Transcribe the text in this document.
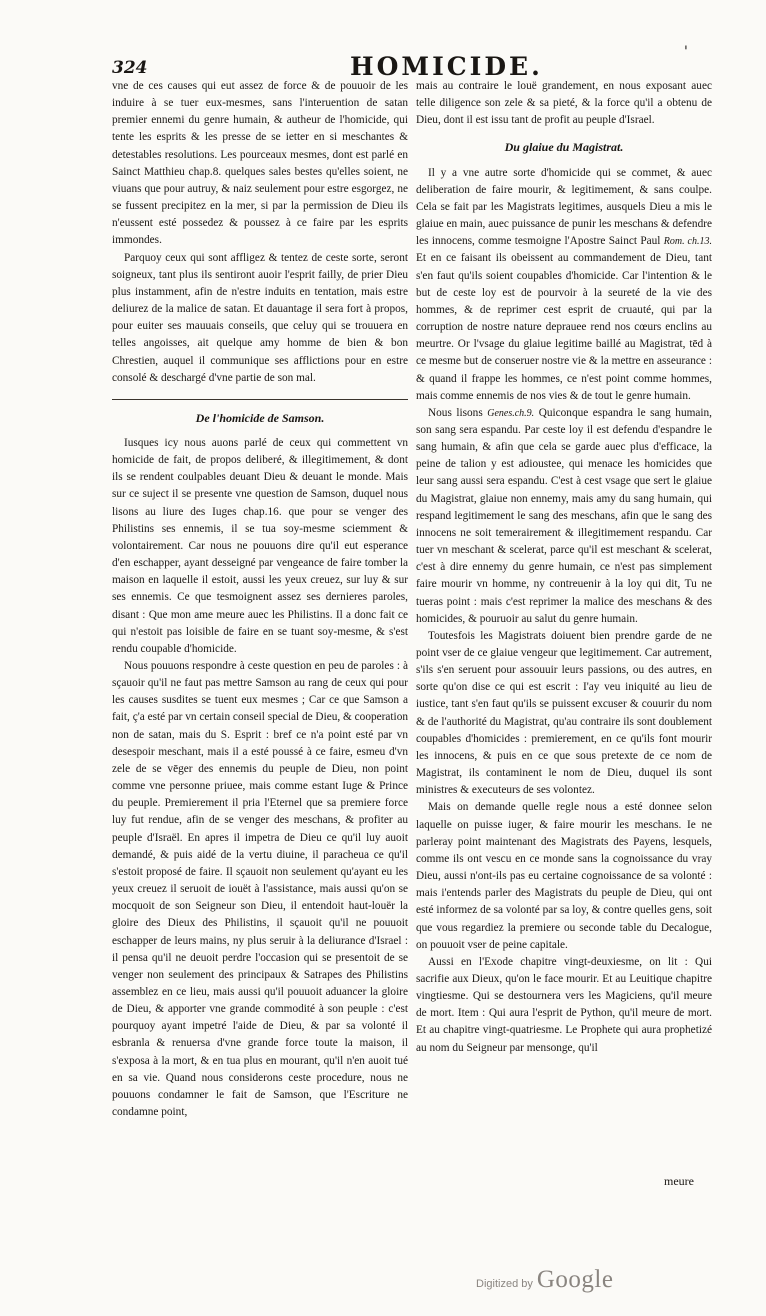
324	HOMICIDE.	'

vne de ces causes qui eut assez de force & de pouuoir de les induire à se tuer eux-mesmes, sans l'interuention de satan premier ennemi du genre humain, & autheur de l'homicide, qui tente les esprits & les presse de se ietter en si meschantes & detestables resolutions. Les pourceaux mesmes, dont est parlé en Sainct Matthieu chap.8. quelques sales bestes qu'elles soient, ne viuans que pour autruy, & naiz seulement pour estre esgorgez, ne se fussent precipitez en la mer, si par la permission de Dieu ils n'eussent esté possedez & poussez à ce faire par les esprits immondes.

Parquoy ceux qui sont affligez & tentez de ceste sorte, seront soigneux, tant plus ils sentiront auoir l'esprit failly, de prier Dieu plus instamment, afin de n'estre induits en tentation, mais estre deliurez de la malice de satan. Et dauantage il sera fort à propos, pour euiter ses mauuais conseils, que celuy qui se trouuera en telles angoisses, ait quelque amy homme de bien & bon Chrestien, auquel il communique ses afflictions pour en estre consolé & deschargé d'vne partie de son mal.

De l'homicide de Samson.

Iusques icy nous auons parlé de ceux qui commettent vn homicide de fait, de propos deliberé, & illegitimement, & dont ils se rendent coulpables deuant Dieu & deuant le monde. Mais sur ce suject il se presente vne question de Samson, duquel nous lisons au liure des Iuges chap.16. que pour se venger des Philistins ses ennemis, il se tua soy-mesme sciemment & volontairement. Car nous ne pouuons dire qu'il eut esperance d'en eschapper, ayant desseigné par vengeance de faire tomber la maison en laquelle il estoit, aussi les yeux creuez, sur luy & sur ses ennemis. Ce que tesmoignent assez ses dernieres paroles, disant : Que mon ame meure auec les Philistins. Il a donc fait ce qui n'estoit pas loisible de faire en se tuant soy-mesme, & s'est rendu coupable d'homicide.

Nous pouuons respondre à ceste question en peu de paroles : à sçauoir qu'il ne faut pas mettre Samson au rang de ceux qui pour les causes susdites se tuent eux mesmes ; Car ce que Samson a fait, ç'a esté par vn certain conseil special de Dieu, & cooperation non de satan, mais du S. Esprit : bref ce n'a point esté par vn desespoir meschant, mais il a esté poussé à ce faire, esmeu d'vn zele de se vēger des ennemis du peuple de Dieu, non point comme vne personne priuee, mais comme estant Iuge & Prince du peuple. Premierement il pria l'Eternel que sa premiere force luy fut rendue, afin de se venger des meschans, & profiter au peuple d'Israël. En apres il impetra de Dieu ce qu'il luy auoit demandé, & puis aidé de la vertu diuine, il paracheua ce qu'il s'estoit proposé de faire. Il sçauoit non seulement qu'ayant eu les yeux creuez il seruoit de iouët à l'assistance, mais aussi qu'on se mocquoit de son Seigneur son Dieu, il entendoit haut-louër la gloire des Dieux des Philistins, il sçauoit qu'il ne pouuoit eschapper de leurs mains, ny plus seruir à la deliurance d'Israel : il pensa qu'il ne deuoit perdre l'occasion qui se presentoit de se venger non seulement des principaux & Satrapes des Philistins assemblez en ce lieu, mais aussi qu'il pouuoit aduancer la gloire de Dieu, & apporter vne grande commodité à son peuple : c'est pourquoy ayant impetré l'aide de Dieu, & par sa volonté il esbranla & renuersa d'vne grande force toute la maison, il s'exposa à la mort, & en tua plus en mourant, qu'il n'en auoit tué en sa vie. Quand nous considerons ceste procedure, nous ne pouuons condamner le fait de Samson, que l'Escriture ne condamne point,

mais au contraire le louë grandement, en nous exposant auec telle diligence son zele & sa pieté, & la force qu'il a obtenu de Dieu, dont il est issu tant de profit au peuple d'Israel.

Du glaiue du Magistrat.

Il y a vne autre sorte d'homicide qui se commet, & auec deliberation de faire mourir, & legitimement, & sans coulpe. Cela se fait par les Magistrats legitimes, ausquels Dieu a mis le glaiue en main, auec puissance de punir les meschans & defendre les innocens, comme tesmoigne l'Apostre Sainct Paul Rom. ch.13. Et en ce faisant ils obeissent au commandement de Dieu, tant s'en faut qu'ils soient coupables d'homicide. Car l'intention & le but de ceste loy est de pourvoir à la seureté de la vie des hommes, & de reprimer cest esprit de cruauté, qui par la corruption de nostre nature deprauee rend nos cœurs enclins au meurtre. Or l'vsage du glaiue legitime baillé au Magistrat, tēd à ce mesme but de conseruer nostre vie & la mettre en asseurance : & quand il frappe les hommes, ce n'est point comme hommes, mais comme ennemis de nos vies & de tout le genre humain.

Nous lisons Genes.ch.9. Quiconque espandra le sang humain, son sang sera espandu. Par ceste loy il est defendu d'espandre le sang humain, & afin que cela se garde auec plus d'efficace, la peine de talion y est adioustee, qui menace les homicides que leur sang aussi sera espandu. C'est à cest vsage que sert le glaiue du Magistrat, glaiue non ennemy, mais amy du sang humain, qui respand legitimement le sang des meschans, afin que le sang des innocens ne soit temerairement & illegitimement respandu. Car tuer vn meschant & scelerat, parce qu'il est meschant & scelerat, c'est à dire ennemy du genre humain, ce n'est pas simplement faire mourir vn homme, ny contreuenir à la loy qui dit, Tu ne tueras point : mais c'est reprimer la malice des meschans & des homicides, & pouruoir au salut du genre humain.

Toutesfois les Magistrats doiuent bien prendre garde de ne point vser de ce glaiue vengeur que legitimement. Car autrement, s'ils s'en seruent pour assouuir leurs passions, ou des autres, en sorte qu'on dise ce qui est escrit : I'ay veu iniquité au lieu de iustice, tant s'en faut qu'ils se puissent excuser & couurir du nom & de l'authorité du Magistrat, qu'au contraire ils sont doublement coupables d'homicides : premierement, en ce qu'ils font mourir les innocens, & puis en ce que sous pretexte de ce nom de Magistrat, ils contaminent le nom de Dieu, duquel ils sont ministres & executeurs de ses volontez.

Mais on demande quelle regle nous a esté donnee selon laquelle on puisse iuger, & faire mourir les meschans. Ie ne parleray point maintenant des Magistrats des Payens, lesquels, comme ils ont vescu en ce monde sans la cognoissance du vray Dieu, aussi n'ont-ils pas eu certaine cognoissance de sa volonté : mais i'entends parler des Magistrats du peuple de Dieu, qui ont esté informez de sa volonté par sa loy, & contre quelles gens, soit que vous regardiez la premiere ou seconde table du Decalogue, on pouuoit vser de peine capitale.

Aussi en l'Exode chapitre vingt-deuxiesme, on lit : Qui sacrifie aux Dieux, qu'on le face mourir. Et au Leuitique chapitre vingtiesme. Qui se destournera vers les Magiciens, qu'il meure de mort. Item : Qui aura l'esprit de Python, qu'il meure de mort. Et au chapitre vingt-quatriesme. Le Prophete qui aura prophetizé au nom du Seigneur par mensonge, qu'il

meure
Digitized by Google
